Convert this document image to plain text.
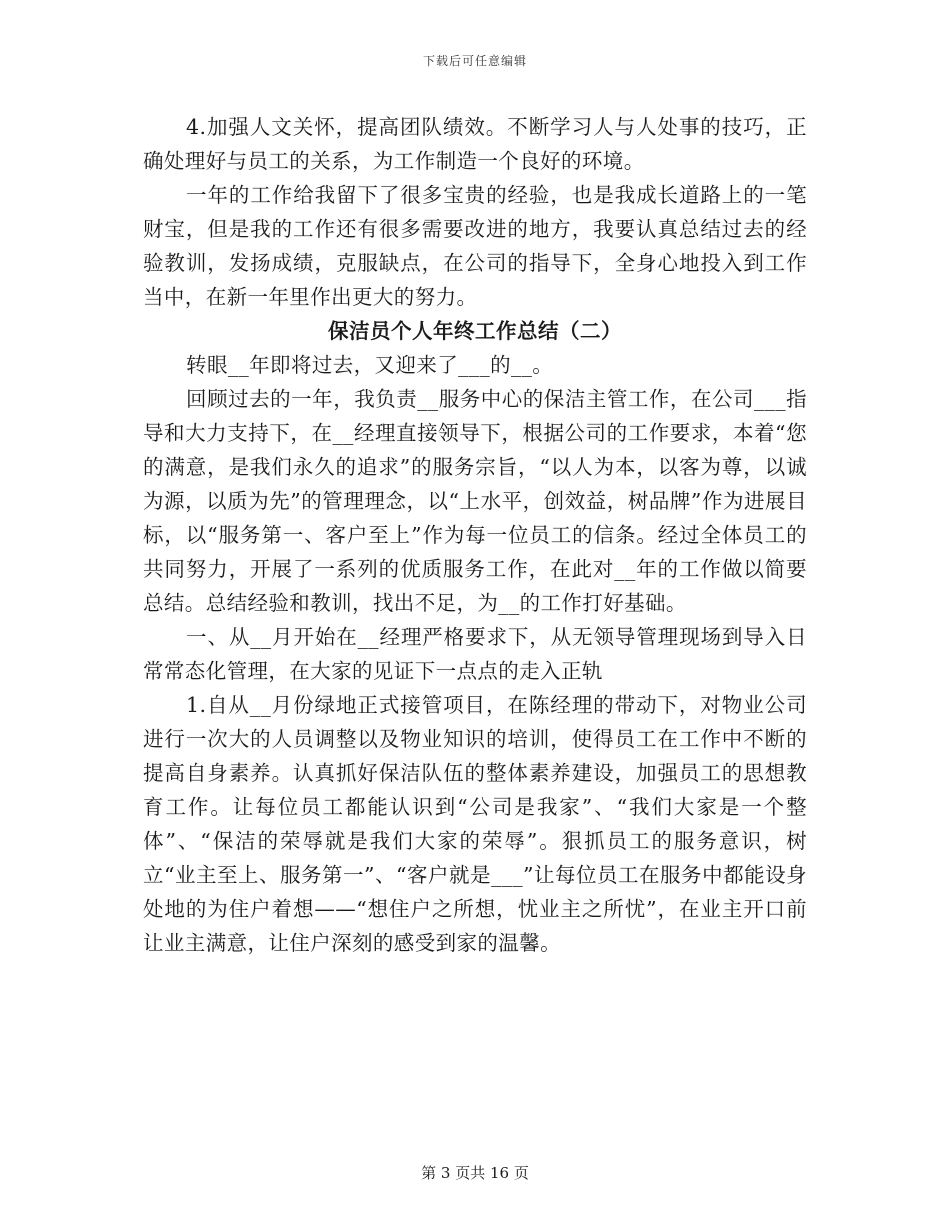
下载后可任意编辑

4.加强人文关怀，提高团队绩效。不断学习人与人处事的技巧，正确处理好与员工的关系，为工作制造一个良好的环境。

一年的工作给我留下了很多宝贵的经验，也是我成长道路上的一笔财宝，但是我的工作还有很多需要改进的地方，我要认真总结过去的经验教训，发扬成绩，克服缺点，在公司的指导下，全身心地投入到工作当中，在新一年里作出更大的努力。

保洁员个人年终工作总结（二）

转眼__年即将过去，又迎来了___的__。

回顾过去的一年，我负责__服务中心的保洁主管工作，在公司___指导和大力支持下，在__经理直接领导下，根据公司的工作要求，本着“您的满意，是我们永久的追求”的服务宗旨，“以人为本，以客为尊，以诚为源，以质为先”的管理理念，以“上水平，创效益，树品牌”作为进展目标，以“服务第一、客户至上”作为每一位员工的信条。经过全体员工的共同努力，开展了一系列的优质服务工作，在此对__年的工作做以简要总结。总结经验和教训，找出不足，为__的工作打好基础。

一、从__月开始在__经理严格要求下，从无领导管理现场到导入日常常态化管理，在大家的见证下一点点的走入正轨

1.自从__月份绿地正式接管项目，在陈经理的带动下，对物业公司进行一次大的人员调整以及物业知识的培训，使得员工在工作中不断的提高自身素养。认真抓好保洁队伍的整体素养建设，加强员工的思想教育工作。让每位员工都能认识到“公司是我家”、“我们大家是一个整体”、“保洁的荣辱就是我们大家的荣辱”。狠抓员工的服务意识，树立“业主至上、服务第一”、“客户就是___”让每位员工在服务中都能设身处地的为住户着想——“想住户之所想，忧业主之所忧”，在业主开口前让业主满意，让住户深刻的感受到家的温馨。

第 3 页共 16 页
